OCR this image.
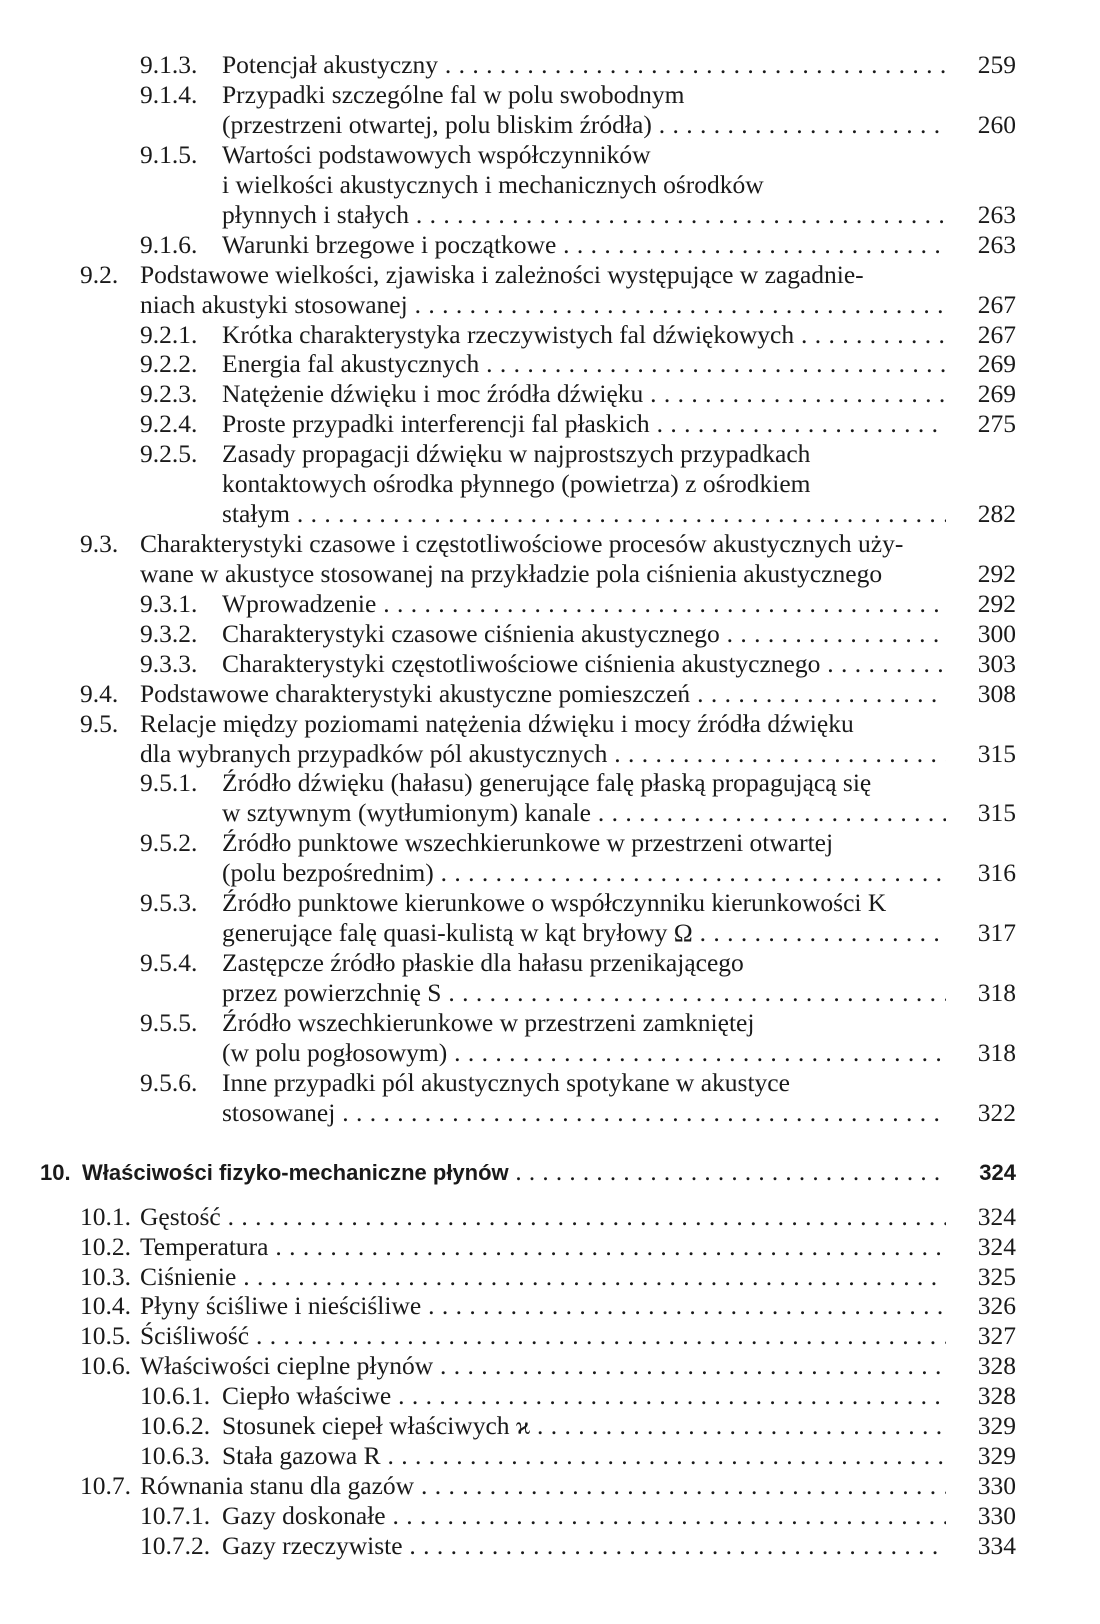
9.1.3. Potencjał akustyczny . . .	259
9.1.4. Przypadki szczególne fal w polu swobodnym
(przestrzeni otwartej, polu bliskim źródła) . . .	260
9.1.5. Wartości podstawowych współczynników
i wielkości akustycznych i mechanicznych ośrodków
płynnych i stałych . . .	263
9.1.6. Warunki brzegowe i początkowe . . .	263
9.2. Podstawowe wielkości, zjawiska i zależności występujące w zagadnie-
niach akustyki stosowanej . . .	267
9.2.1. Krótka charakterystyka rzeczywistych fal dźwiękowych . . .	267
9.2.2. Energia fal akustycznych . . .	269
9.2.3. Natężenie dźwięku i moc źródła dźwięku . . .	269
9.2.4. Proste przypadki interferencji fal płaskich . . .	275
9.2.5. Zasady propagacji dźwięku w najprostszych przypadkach
kontaktowych ośrodka płynnego (powietrza) z ośrodkiem
stałym . . .	282
9.3. Charakterystyki czasowe i częstotliwościowe procesów akustycznych uży-
wane w akustyce stosowanej na przykładzie pola ciśnienia akustycznego	292
9.3.1. Wprowadzenie . . .	292
9.3.2. Charakterystyki czasowe ciśnienia akustycznego . . .	300
9.3.3. Charakterystyki częstotliwościowe ciśnienia akustycznego . . .	303
9.4. Podstawowe charakterystyki akustyczne pomieszczeń . . .	308
9.5. Relacje między poziomami natężenia dźwięku i mocy źródła dźwięku
dla wybranych przypadków pól akustycznych . . .	315
9.5.1. Źródło dźwięku (hałasu) generujące falę płaską propagującą się
w sztywnym (wytłumionym) kanale . . .	315
9.5.2. Źródło punktowe wszechkierunkowe w przestrzeni otwartej
(polu bezpośrednim) . . .	316
9.5.3. Źródło punktowe kierunkowe o współczynniku kierunkowości K
generujące falę quasi-kulistą w kąt bryłowy Ω . . .	317
9.5.4. Zastępcze źródło płaskie dla hałasu przenikającego
przez powierzchnię S . . .	318
9.5.5. Źródło wszechkierunkowe w przestrzeni zamkniętej
(w polu pogłosowym) . . .	318
9.5.6. Inne przypadki pól akustycznych spotykane w akustyce
stosowanej . . .	322
10. Właściwości fizyko-mechaniczne płynów . . .	324
10.1. Gęstość . . .	324
10.2. Temperatura . . .	324
10.3. Ciśnienie . . .	325
10.4. Płyny ściśliwe i nieściśliwe . . .	326
10.5. Ściśliwość . . .	327
10.6. Właściwości cieplne płynów . . .	328
10.6.1. Ciepło właściwe . . .	328
10.6.2. Stosunek ciepeł właściwych ϰ . . .	329
10.6.3. Stała gazowa R . . .	329
10.7. Równania stanu dla gazów . . .	330
10.7.1. Gazy doskonałe . . .	330
10.7.2. Gazy rzeczywiste . . .	334
